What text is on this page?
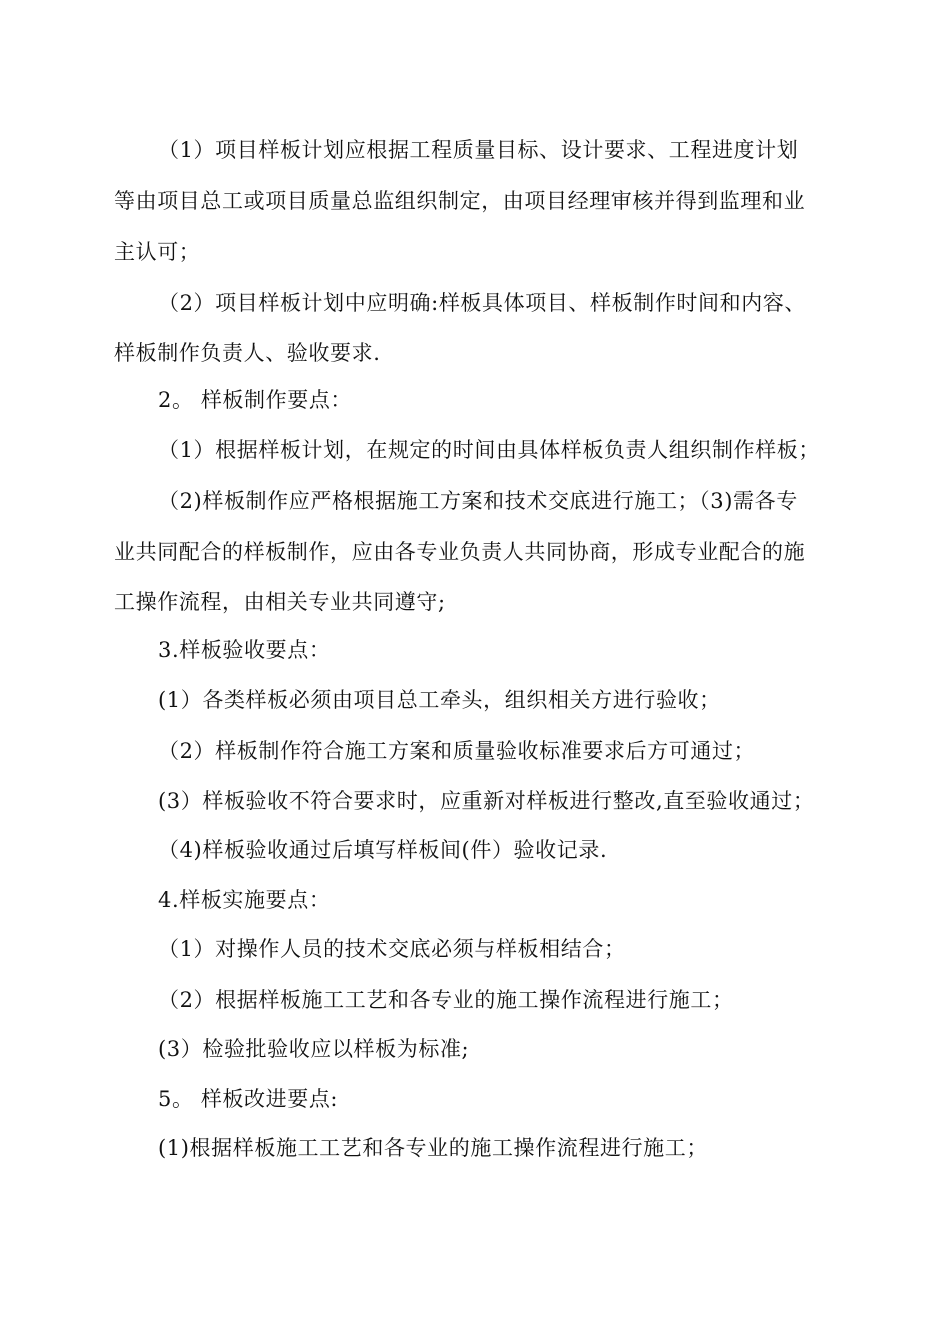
（1）项目样板计划应根据工程质量目标、设计要求、工程进度计划

等由项目总工或项目质量总监组织制定，由项目经理审核并得到监理和业

主认可；

（2）项目样板计划中应明确:样板具体项目、样板制作时间和内容、

样板制作负责人、验收要求.

2。 样板制作要点：

（1）根据样板计划，在规定的时间由具体样板负责人组织制作样板；

（2)样板制作应严格根据施工方案和技术交底进行施工；（3)需各专

业共同配合的样板制作，应由各专业负责人共同协商，形成专业配合的施

工操作流程，由相关专业共同遵守;

3.样板验收要点：

(1）各类样板必须由项目总工牵头，组织相关方进行验收；

（2）样板制作符合施工方案和质量验收标准要求后方可通过；

(3）样板验收不符合要求时，应重新对样板进行整改,直至验收通过；

（4)样板验收通过后填写样板间(件）验收记录.

4.样板实施要点：

（1）对操作人员的技术交底必须与样板相结合；

（2）根据样板施工工艺和各专业的施工操作流程进行施工；

(3）检验批验收应以样板为标准;

5。 样板改进要点:

(1)根据样板施工工艺和各专业的施工操作流程进行施工；
